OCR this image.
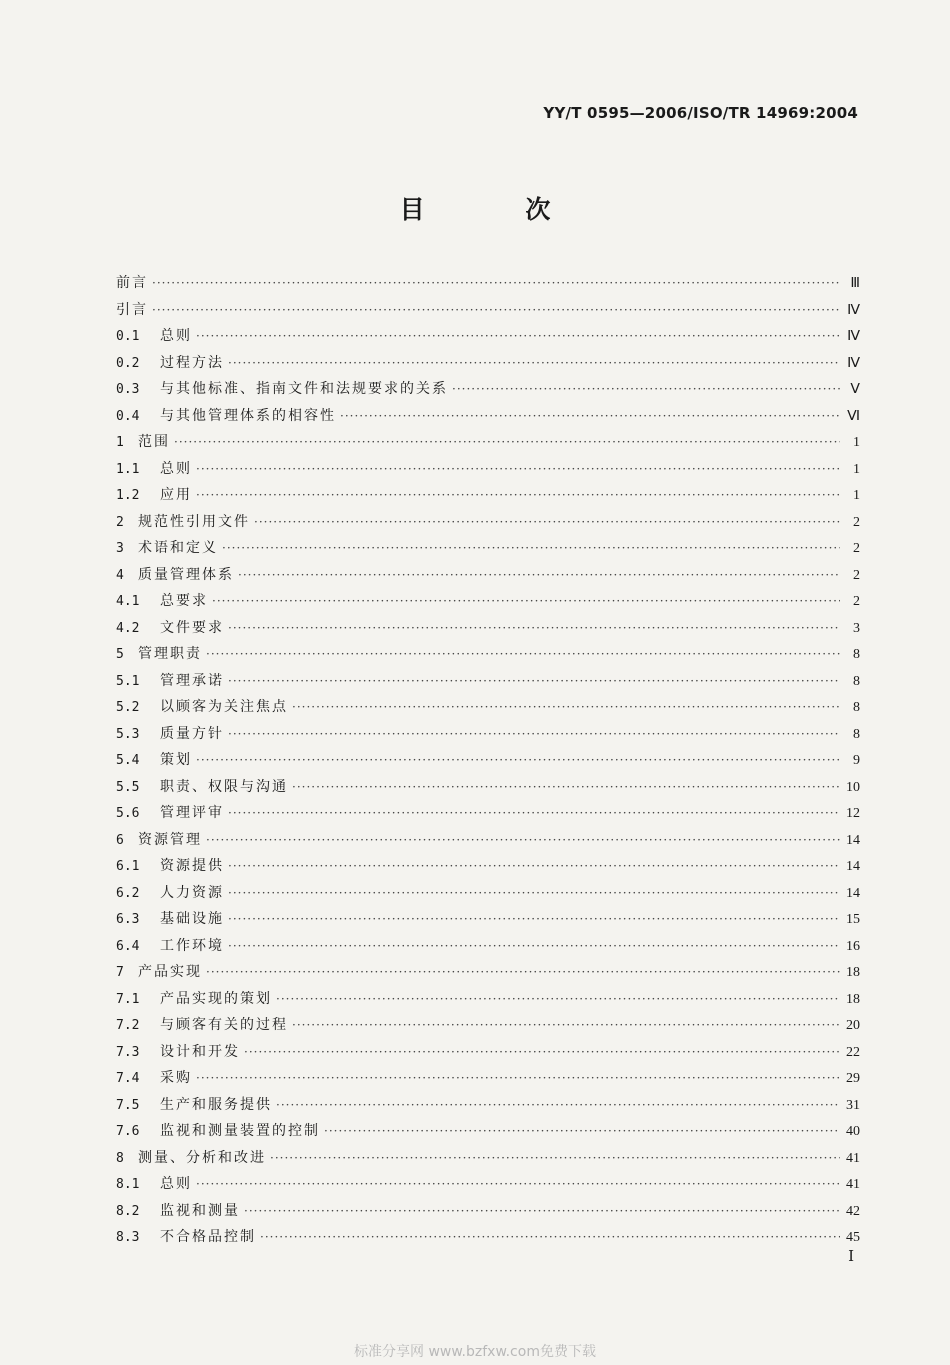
YY/T 0595—2006/ISO/TR 14969:2004
目 次
前言 ·····	Ⅲ
引言 ·····	Ⅳ
0.1	总则 ·····	Ⅳ
0.2	过程方法 ·····	Ⅳ
0.3	与其他标准、指南文件和法规要求的关系 ·····	Ⅴ
0.4	与其他管理体系的相容性 ·····	Ⅵ
1	范围 ·····	1
1.1	总则 ·····	1
1.2	应用 ·····	1
2	规范性引用文件 ·····	2
3	术语和定义 ·····	2
4	质量管理体系 ·····	2
4.1	总要求 ·····	2
4.2	文件要求 ·····	3
5	管理职责 ·····	8
5.1	管理承诺 ·····	8
5.2	以顾客为关注焦点 ·····	8
5.3	质量方针 ·····	8
5.4	策划 ·····	9
5.5	职责、权限与沟通 ·····	10
5.6	管理评审 ·····	12
6	资源管理 ·····	14
6.1	资源提供 ·····	14
6.2	人力资源 ·····	14
6.3	基础设施 ·····	15
6.4	工作环境 ·····	16
7	产品实现 ·····	18
7.1	产品实现的策划 ·····	18
7.2	与顾客有关的过程 ·····	20
7.3	设计和开发 ·····	22
7.4	采购 ·····	29
7.5	生产和服务提供 ·····	31
7.6	监视和测量装置的控制 ·····	40
8	测量、分析和改进 ·····	41
8.1	总则 ·····	41
8.2	监视和测量 ·····	42
8.3	不合格品控制 ·····	45
I
标准分享网 www.bzfxw.com免费下载
